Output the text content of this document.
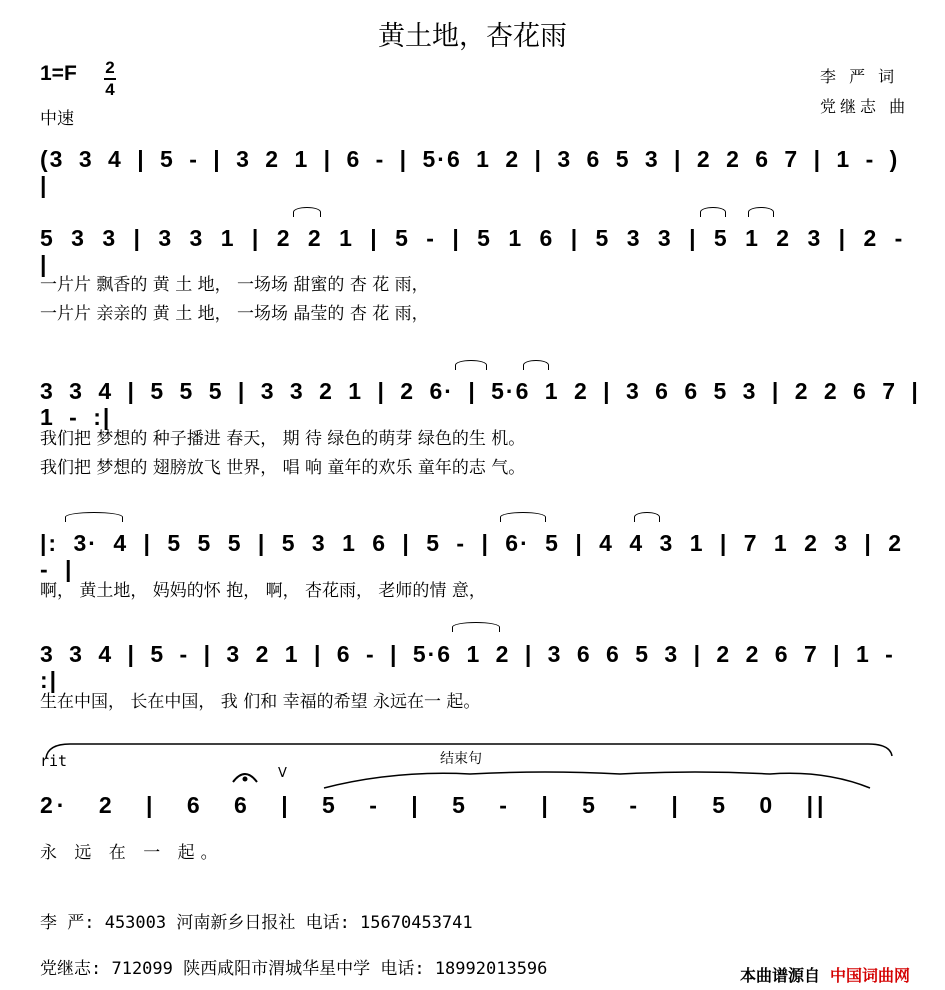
黄土地，杏花雨
1=F 2
4
中速
李 严 词
党继志 曲
(3 3 4 | 5 - | 3 2 1 | 6 - | 5·6 1 2 | 3 6 5 3 | 2 2 6 7 | 1 - ) |
5 3 3 | 3 3 1 | 2 2 1 | 5 - | 5 1 6 | 5 3 3 | 5 1 2 3 | 2 - |
一片片 飘香的 黄 土 地， 一场场 甜蜜的 杏 花 雨，
一片片 亲亲的 黄 土 地， 一场场 晶莹的 杏 花 雨，
3 3 4 | 5 5 5 | 3 3 2 1 | 2 6· | 5·6 1 2 | 3 6 6 5 3 | 2 2 6 7 | 1 - :|
我们把 梦想的 种子播进 春天， 期 待 绿色的萌芽 绿色的生 机。
我们把 梦想的 翅膀放飞 世界， 唱 响 童年的欢乐 童年的志 气。
|: 3· 4 | 5 5 5 | 5 3 1 6 | 5 - | 6· 5 | 4 4 3 1 | 7 1 2 3 | 2 - |
啊， 黄土地， 妈妈的怀 抱， 啊， 杏花雨， 老师的情 意，
3 3 4 | 5 - | 3 2 1 | 6 - | 5·6 1 2 | 3 6 6 5 3 | 2 2 6 7 | 1 - :|
生在中国， 长在中国， 我 们和 幸福的希望 永远在一 起。
rit	结束句
V
2· 2 | 6 6 | 5 - | 5 - | 5 - | 5 0 ||
永 远 在 一 起。
李 严: 453003 河南新乡日报社 电话: 15670453741
党继志: 712099 陕西咸阳市渭城华星中学 电话: 18992013596	本曲谱源自 中国词曲网
